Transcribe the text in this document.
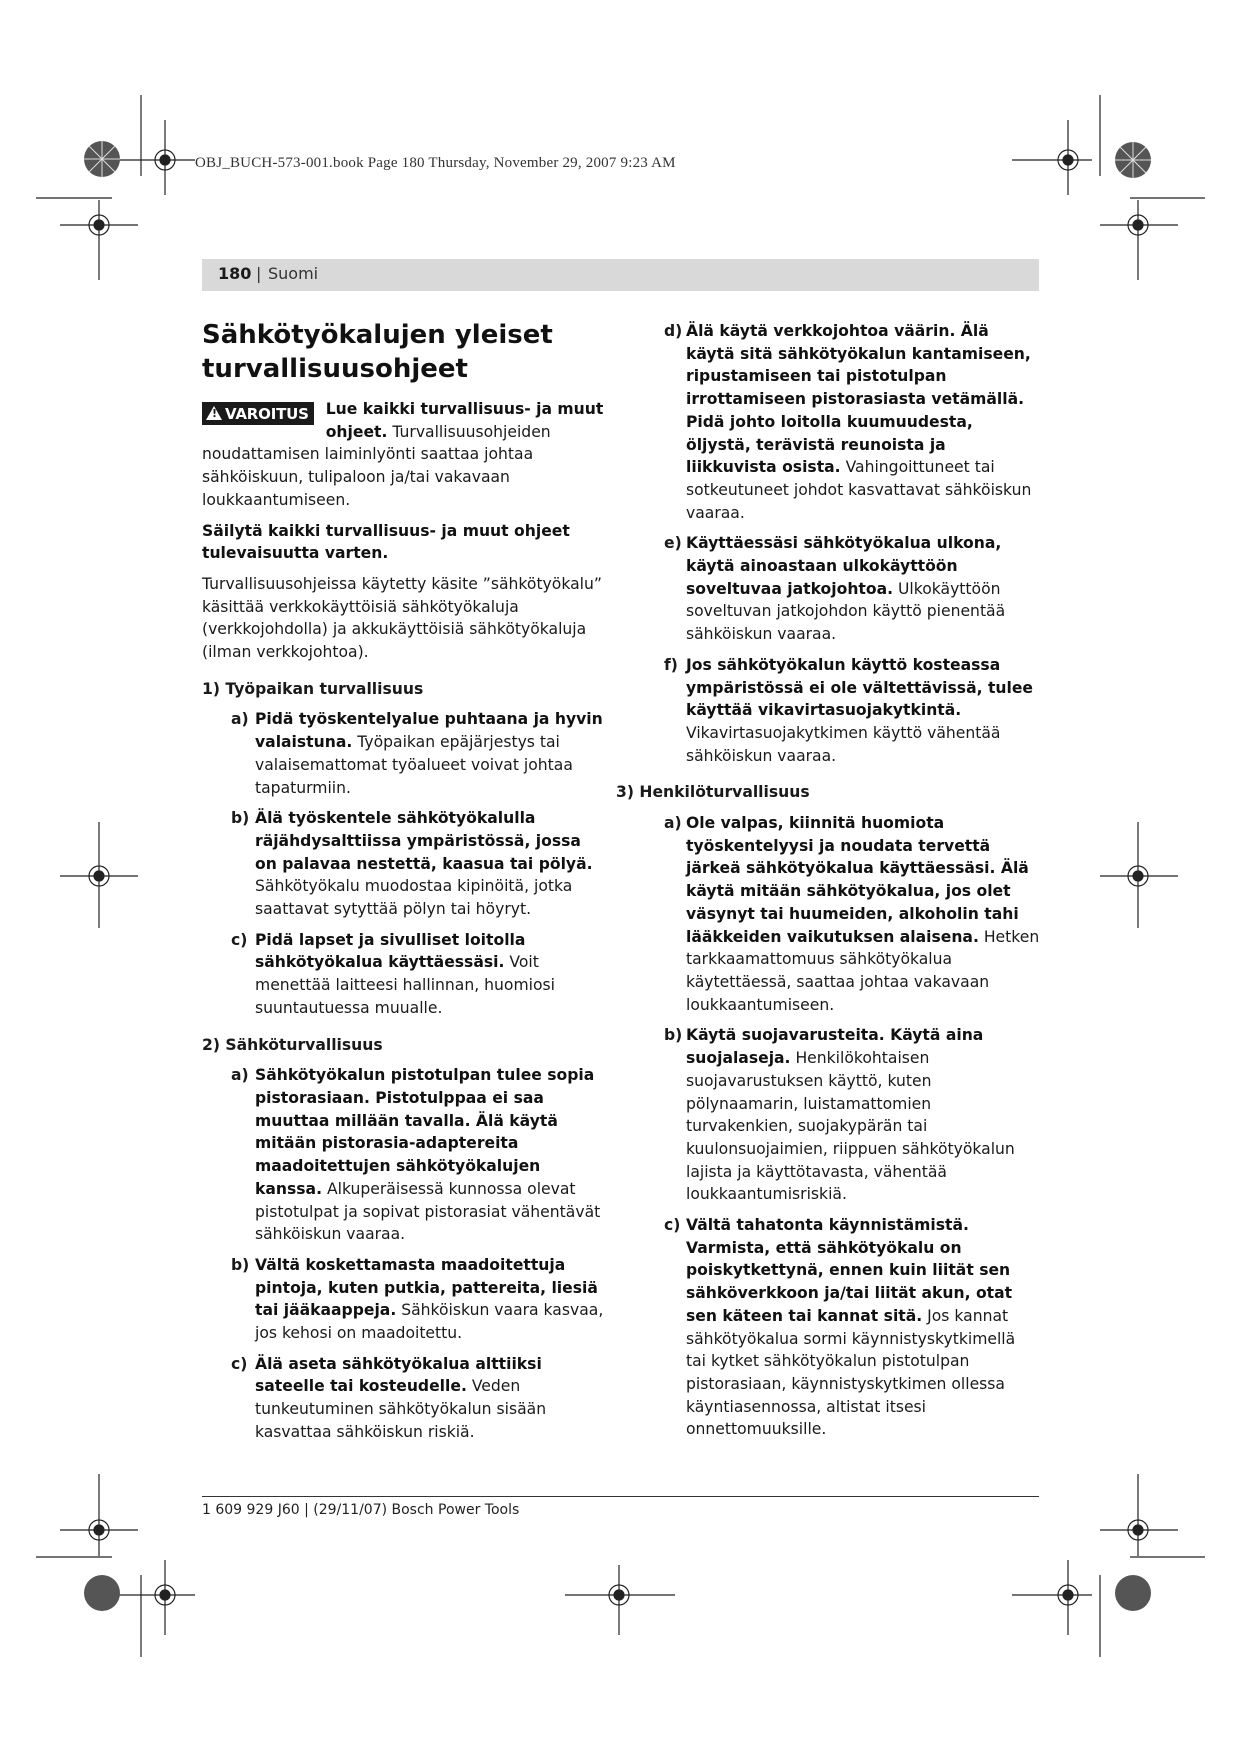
OBJ_BUCH-573-001.book Page 180 Thursday, November 29, 2007 9:23 AM
180 | Suomi
Sähkötyökalujen yleiset turvallisuusohjeet
! VAROITUS	Lue kaikki turvallisuus- ja muut ohjeet. Turvallisuusohjeiden noudattamisen laiminlyönti saattaa johtaa sähköiskuun, tulipaloon ja/tai vakavaan loukkaantumiseen.

Säilytä kaikki turvallisuus- ja muut ohjeet tulevaisuutta varten.

Turvallisuusohjeissa käytetty käsite ”sähkötyökalu” käsittää verkkokäyttöisiä sähkötyökaluja (verkkojohdolla) ja akkukäyttöisiä sähkötyökaluja (ilman verkkojohtoa).

1) Työpaikan turvallisuus
a) Pidä työskentelyalue puhtaana ja hyvin valaistuna. Työpaikan epäjärjestys tai valaisemattomat työalueet voivat johtaa tapaturmiin.
b) Älä työskentele sähkötyökalulla räjähdysalttiissa ympäristössä, jossa on palavaa nestettä, kaasua tai pölyä. Sähkötyökalu muodostaa kipinöitä, jotka saattavat sytyttää pölyn tai höyryt.
c) Pidä lapset ja sivulliset loitolla sähkötyökalua käyttäessäsi. Voit menettää laitteesi hallinnan, huomiosi suuntautuessa muualle.
2) Sähköturvallisuus
a) Sähkötyökalun pistotulpan tulee sopia pistorasiaan. Pistotulppaa ei saa muuttaa millään tavalla. Älä käytä mitään pistorasia-adaptereita maadoitettujen sähkötyökalujen kanssa. Alkuperäisessä kunnossa olevat pistotulpat ja sopivat pistorasiat vähentävät sähköiskun vaaraa.
b) Vältä koskettamasta maadoitettuja pintoja, kuten putkia, pattereita, liesiä tai jääkaappeja. Sähköiskun vaara kasvaa, jos kehosi on maadoitettu.
c) Älä aseta sähkötyökalua alttiiksi sateelle tai kosteudelle. Veden tunkeutuminen sähkötyökalun sisään kasvattaa sähköiskun riskiä.
d) Älä käytä verkkojohtoa väärin. Älä käytä sitä sähkötyökalun kantamiseen, ripustamiseen tai pistotulpan irrottamiseen pistorasiasta vetämällä. Pidä johto loitolla kuumuudesta, öljystä, terävistä reunoista ja liikkuvista osista. Vahingoittuneet tai sotkeutuneet johdot kasvattavat sähköiskun vaaraa.
e) Käyttäessäsi sähkötyökalua ulkona, käytä ainoastaan ulkokäyttöön soveltuvaa jatkojohtoa. Ulkokäyttöön soveltuvan jatkojohdon käyttö pienentää sähköiskun vaaraa.
f) Jos sähkötyökalun käyttö kosteassa ympäristössä ei ole vältettävissä, tulee käyttää vikavirtasuojakytkintä. Vikavirtasuojakytkimen käyttö vähentää sähköiskun vaaraa.
3) Henkilöturvallisuus
a) Ole valpas, kiinnitä huomiota työskentelyysi ja noudata tervettä järkeä sähkötyökalua käyttäessäsi. Älä käytä mitään sähkötyökalua, jos olet väsynyt tai huumeiden, alkoholin tahi lääkkeiden vaikutuksen alaisena. Hetken tarkkaamattomuus sähkötyökalua käytettäessä, saattaa johtaa vakavaan loukkaantumiseen.
b) Käytä suojavarusteita. Käytä aina suojalaseja. Henkilökohtaisen suojavarustuksen käyttö, kuten pölynaamarin, luistamattomien turvakenkien, suojakypärän tai kuulonsuojaimien, riippuen sähkötyökalun lajista ja käyttötavasta, vähentää loukkaantumisriskiä.
c) Vältä tahatonta käynnistämistä. Varmista, että sähkötyökalu on poiskytkettynä, ennen kuin liität sen sähköverkkoon ja/tai liität akun, otat sen käteen tai kannat sitä. Jos kannat sähkötyökalua sormi käynnistyskytkimellä tai kytket sähkötyökalun pistotulpan pistorasiaan, käynnistyskytkimen ollessa käyntiasennossa, altistat itsesi onnettomuuksille.
1 609 929 J60 | (29/11/07) Bosch Power Tools
